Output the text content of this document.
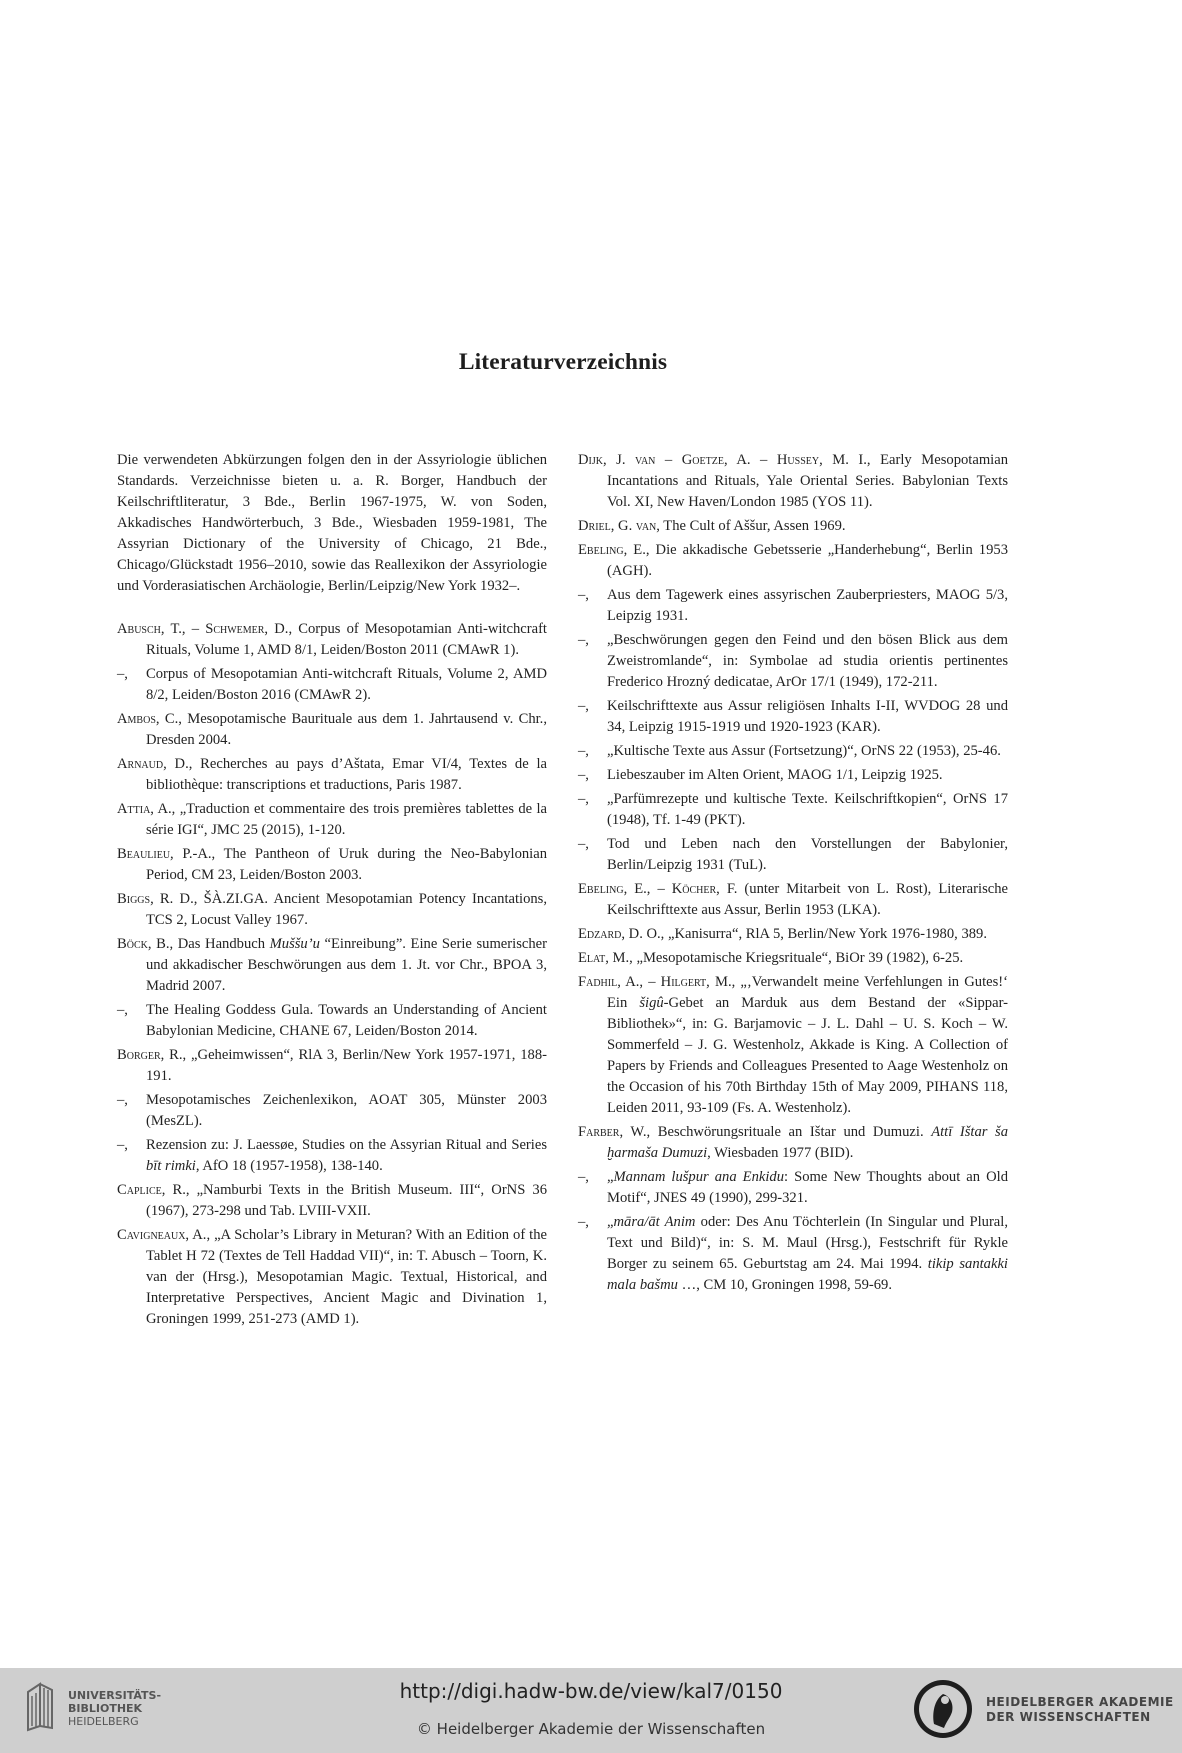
Literaturverzeichnis

Die verwendeten Abkürzungen folgen den in der Assyriologie üblichen Standards. Verzeichnisse bieten u. a. R. Borger, Handbuch der Keilschriftliteratur, 3 Bde., Berlin 1967-1975, W. von Soden, Akkadisches Handwörterbuch, 3 Bde., Wiesbaden 1959-1981, The Assyrian Dictionary of the University of Chicago, 21 Bde., Chicago/Glückstadt 1956–2010, sowie das Reallexikon der Assyriologie und Vorderasiatischen Archäologie, Berlin/Leipzig/New York 1932–.

Abusch, T., – Schwemer, D., Corpus of Mesopotamian Anti-witchcraft Rituals, Volume 1, AMD 8/1, Leiden/Boston 2011 (CMAwR 1).

–, Corpus of Mesopotamian Anti-witchcraft Rituals, Volume 2, AMD 8/2, Leiden/Boston 2016 (CMAwR 2).

Ambos, C., Mesopotamische Baurituale aus dem 1. Jahrtausend v. Chr., Dresden 2004.

Arnaud, D., Recherches au pays d’Aštata, Emar VI/4, Textes de la bibliothèque: transcriptions et traductions, Paris 1987.

Attia, A., „Traduction et commentaire des trois premières tablettes de la série IGI“, JMC 25 (2015), 1-120.

Beaulieu, P.-A., The Pantheon of Uruk during the Neo-Babylonian Period, CM 23, Leiden/Boston 2003.

Biggs, R. D., ŠÀ.ZI.GA. Ancient Mesopotamian Potency Incantations, TCS 2, Locust Valley 1967.

Böck, B., Das Handbuch Muššu’u “Einreibung”. Eine Serie sumerischer und akkadischer Beschwörungen aus dem 1. Jt. vor Chr., BPOA 3, Madrid 2007.

–, The Healing Goddess Gula. Towards an Understanding of Ancient Babylonian Medicine, CHANE 67, Leiden/Boston 2014.

Borger, R., „Geheimwissen“, RlA 3, Berlin/New York 1957-1971, 188-191.

–, Mesopotamisches Zeichenlexikon, AOAT 305, Münster 2003 (MesZL).

–, Rezension zu: J. Laessøe, Studies on the Assyrian Ritual and Series bīt rimki, AfO 18 (1957-1958), 138-140.

Caplice, R., „Namburbi Texts in the British Museum. III“, OrNS 36 (1967), 273-298 und Tab. LVIII-VXII.

Cavigneaux, A., „A Scholar’s Library in Meturan? With an Edition of the Tablet H 72 (Textes de Tell Haddad VII)“, in: T. Abusch – Toorn, K. van der (Hrsg.), Mesopotamian Magic. Textual, Historical, and Interpretative Perspectives, Ancient Magic and Divination 1, Groningen 1999, 251-273 (AMD 1).

Dijk, J. van – Goetze, A. – Hussey, M. I., Early Mesopotamian Incantations and Rituals, Yale Oriental Series. Babylonian Texts Vol. XI, New Haven/London 1985 (YOS 11).

Driel, G. van, The Cult of Aššur, Assen 1969.

Ebeling, E., Die akkadische Gebetsserie „Handerhebung“, Berlin 1953 (AGH).

–, Aus dem Tagewerk eines assyrischen Zauberpriesters, MAOG 5/3, Leipzig 1931.

–, „Beschwörungen gegen den Feind und den bösen Blick aus dem Zweistromlande“, in: Symbolae ad studia orientis pertinentes Frederico Hrozný dedicatae, ArOr 17/1 (1949), 172-211.

–, Keilschrifttexte aus Assur religiösen Inhalts I-II, WVDOG 28 und 34, Leipzig 1915-1919 und 1920-1923 (KAR).

–, „Kultische Texte aus Assur (Fortsetzung)“, OrNS 22 (1953), 25-46.

–, Liebeszauber im Alten Orient, MAOG 1/1, Leipzig 1925.

–, „Parfümrezepte und kultische Texte. Keilschriftkopien“, OrNS 17 (1948), Tf. 1-49 (PKT).

–, Tod und Leben nach den Vorstellungen der Babylonier, Berlin/Leipzig 1931 (TuL).

Ebeling, E., – Köcher, F. (unter Mitarbeit von L. Rost), Literarische Keilschrifttexte aus Assur, Berlin 1953 (LKA).

Edzard, D. O., „Kanisurra“, RlA 5, Berlin/New York 1976-1980, 389.

Elat, M., „Mesopotamische Kriegsrituale“, BiOr 39 (1982), 6-25.

Fadhil, A., – Hilgert, M., „‚Verwandelt meine Verfehlungen in Gutes!‘ Ein šigû-Gebet an Marduk aus dem Bestand der «Sippar-Bibliothek»“, in: G. Barjamovic – J. L. Dahl – U. S. Koch – W. Sommerfeld – J. G. Westenholz, Akkade is King. A Collection of Papers by Friends and Colleagues Presented to Aage Westenholz on the Occasion of his 70th Birthday 15th of May 2009, PIHANS 118, Leiden 2011, 93-109 (Fs. A. Westenholz).

Farber, W., Beschwörungsrituale an Ištar und Dumuzi. Attī Ištar ša ḫarmaša Dumuzi, Wiesbaden 1977 (BID).

–, „Mannam lušpur ana Enkidu: Some New Thoughts about an Old Motif“, JNES 49 (1990), 299-321.

–, „māra/āt Anim oder: Des Anu Töchterlein (In Singular und Plural, Text und Bild)“, in: S. M. Maul (Hrsg.), Festschrift für Rykle Borger zu seinem 65. Geburtstag am 24. Mai 1994. tikip santakki mala bašmu …, CM 10, Groningen 1998, 59-69.

UNIVERSITÄTS-
BIBLIOTHEK
HEIDELBERG
http://digi.hadw-bw.de/view/kal7/0150
© Heidelberger Akademie der Wissenschaften
HEIDELBERGER AKADEMIE
DER WISSENSCHAFTEN
